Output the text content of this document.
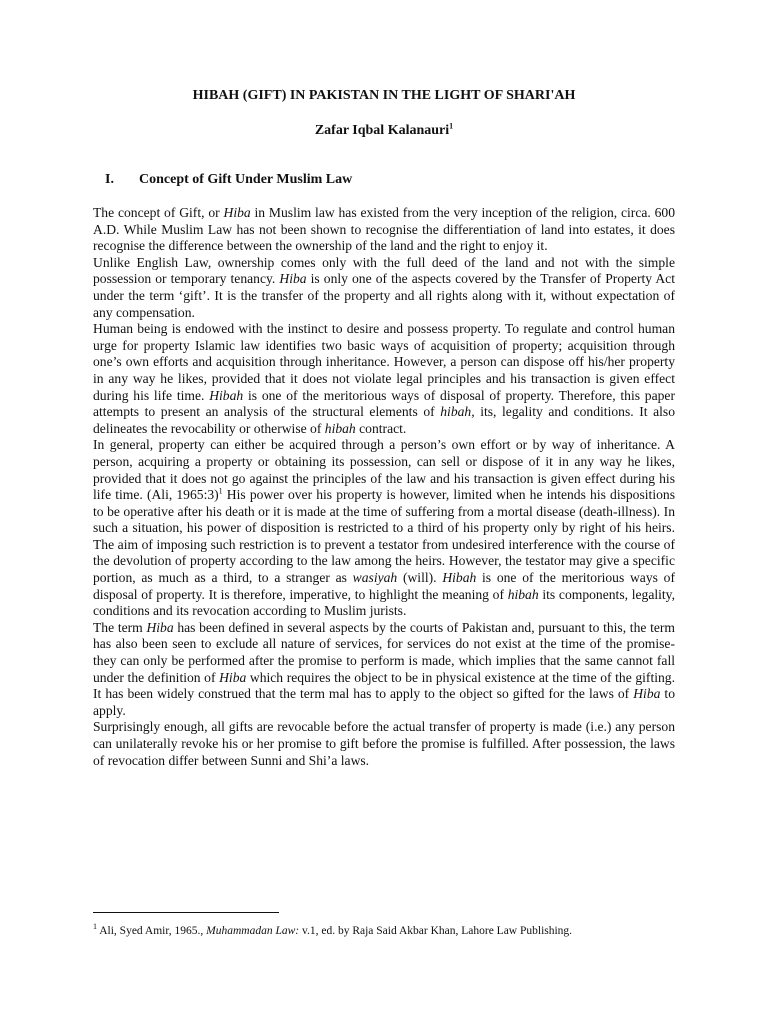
HIBAH (GIFT) IN PAKISTAN IN THE LIGHT OF SHARI'AH
Zafar Iqbal Kalanauri$^1$
I. Concept of Gift Under Muslim Law

The concept of Gift, or Hiba in Muslim law has existed from the very inception of the religion, circa. 600 A.D. While Muslim Law has not been shown to recognise the differentiation of land into estates, it does recognise the difference between the ownership of the land and the right to enjoy it.

Unlike English Law, ownership comes only with the full deed of the land and not with the simple possession or temporary tenancy. Hiba is only one of the aspects covered by the Transfer of Property Act under the term ‘gift’. It is the transfer of the property and all rights along with it, without expectation of any compensation.

Human being is endowed with the instinct to desire and possess property. To regulate and control human urge for property Islamic law identifies two basic ways of acquisition of property; acquisition through one’s own efforts and acquisition through inheritance. However, a person can dispose off his/her property in any way he likes, provided that it does not violate legal principles and his transaction is given effect during his life time. Hibah is one of the meritorious ways of disposal of property. Therefore, this paper attempts to present an analysis of the structural elements of hibah, its, legality and conditions. It also delineates the revocability or otherwise of hibah contract.

In general, property can either be acquired through a person’s own effort or by way of inheritance. A person, acquiring a property or obtaining its possession, can sell or dispose of it in any way he likes, provided that it does not go against the principles of the law and his transaction is given effect during his life time. (Ali, 1965:3)$^1$ His power over his property is however, limited when he intends his dispositions to be operative after his death or it is made at the time of suffering from a mortal disease (death-illness). In such a situation, his power of disposition is restricted to a third of his property only by right of his heirs. The aim of imposing such restriction is to prevent a testator from undesired interference with the course of the devolution of property according to the law among the heirs. However, the testator may give a specific portion, as much as a third, to a stranger as wasiyah (will). Hibah is one of the meritorious ways of disposal of property. It is therefore, imperative, to highlight the meaning of hibah its components, legality, conditions and its revocation according to Muslim jurists.

The term Hiba has been defined in several aspects by the courts of Pakistan and, pursuant to this, the term has also been seen to exclude all nature of services, for services do not exist at the time of the promise- they can only be performed after the promise to perform is made, which implies that the same cannot fall under the definition of Hiba which requires the object to be in physical existence at the time of the gifting. It has been widely construed that the term mal has to apply to the object so gifted for the laws of Hiba to apply.

Surprisingly enough, all gifts are revocable before the actual transfer of property is made (i.e.) any person can unilaterally revoke his or her promise to gift before the promise is fulfilled. After possession, the laws of revocation differ between Sunni and Shi’a laws.

$^1$ Ali, Syed Amir, 1965., Muhammadan Law: v.1, ed. by Raja Said Akbar Khan, Lahore Law Publishing.
